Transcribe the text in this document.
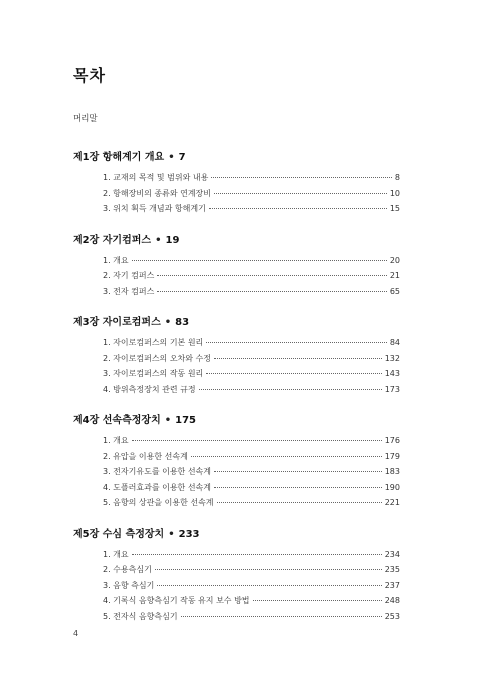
목차
머리말
제1장 항해계기 개요 • 7
1. 교재의 목적 및 범위와 내용	8
2. 항해장비의 종류와 연계장비	10
3. 위치 획득 개념과 항해계기	15
제2장 자기컴퍼스 • 19
1. 개요	20
2. 자기 컴퍼스	21
3. 전자 컴퍼스	65
제3장 자이로컴퍼스 • 83
1. 자이로컴퍼스의 기본 원리	84
2. 자이로컴퍼스의 오차와 수정	132
3. 자이로컴퍼스의 작동 원리	143
4. 방위측정장치 관련 규정	173
제4장 선속측정장치 • 175
1. 개요	176
2. 유압을 이용한 선속계	179
3. 전자기유도를 이용한 선속계	183
4. 도플러효과를 이용한 선속계	190
5. 음향의 상관을 이용한 선속계	221
제5장 수심 측정장치 • 233
1. 개요	234
2. 수용측심기	235
3. 음향 측심기	237
4. 기록식 음향측심기 작동 유지 보수 방법	248
5. 전자식 음향측심기	253
4
